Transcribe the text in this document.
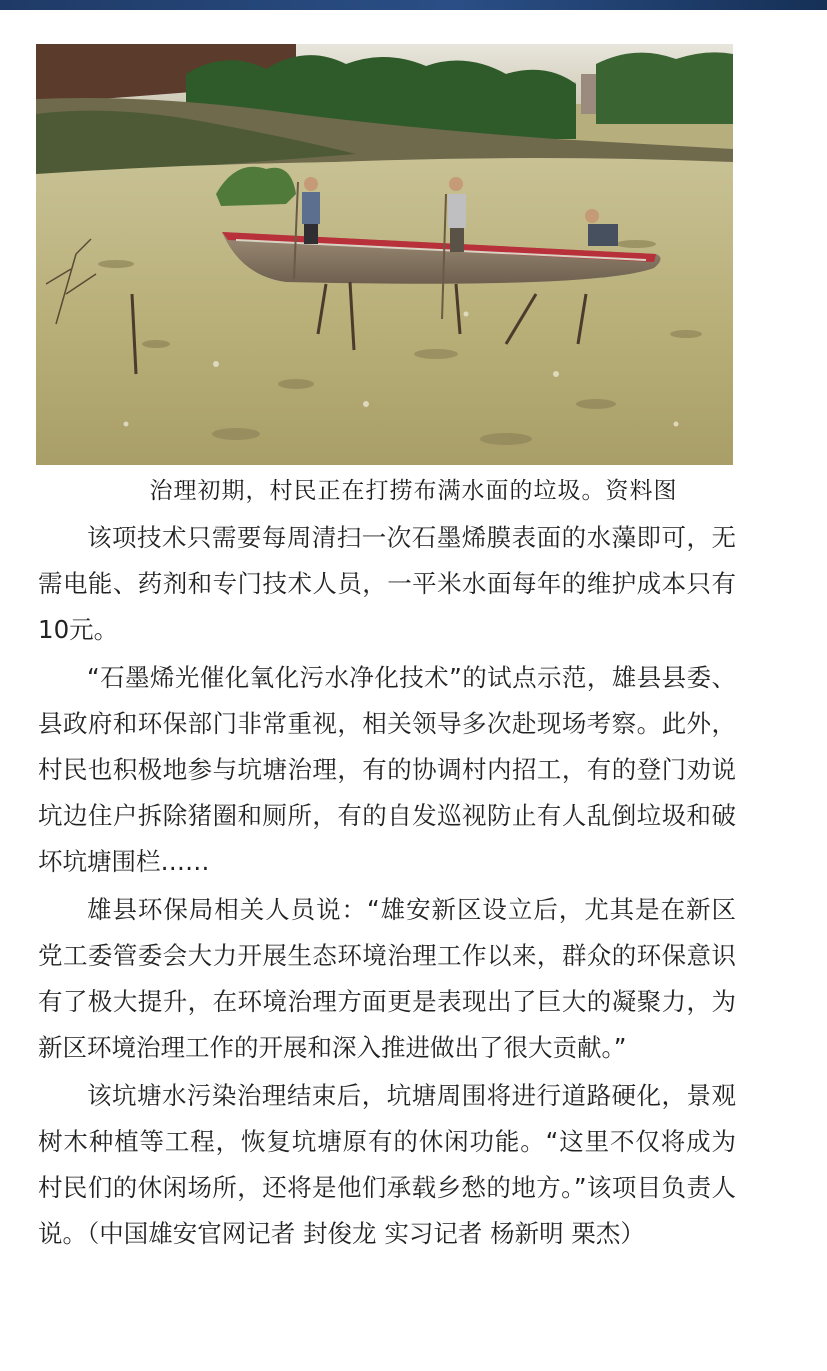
治理初期，村民正在打捞布满水面的垃圾。资料图

该项技术只需要每周清扫一次石墨烯膜表面的水藻即可，无需电能、药剂和专门技术人员，一平米水面每年的维护成本只有10元。

“石墨烯光催化氧化污水净化技术”的试点示范，雄县县委、县政府和环保部门非常重视，相关领导多次赴现场考察。此外，村民也积极地参与坑塘治理，有的协调村内招工，有的登门劝说坑边住户拆除猪圈和厕所，有的自发巡视防止有人乱倒垃圾和破坏坑塘围栏……

雄县环保局相关人员说：“雄安新区设立后，尤其是在新区党工委管委会大力开展生态环境治理工作以来，群众的环保意识有了极大提升，在环境治理方面更是表现出了巨大的凝聚力，为新区环境治理工作的开展和深入推进做出了很大贡献。”

该坑塘水污染治理结束后，坑塘周围将进行道路硬化，景观树木种植等工程，恢复坑塘原有的休闲功能。“这里不仅将成为村民们的休闲场所，还将是他们承载乡愁的地方。”该项目负责人说。（中国雄安官网记者 封俊龙 实习记者 杨新明 栗杰）
